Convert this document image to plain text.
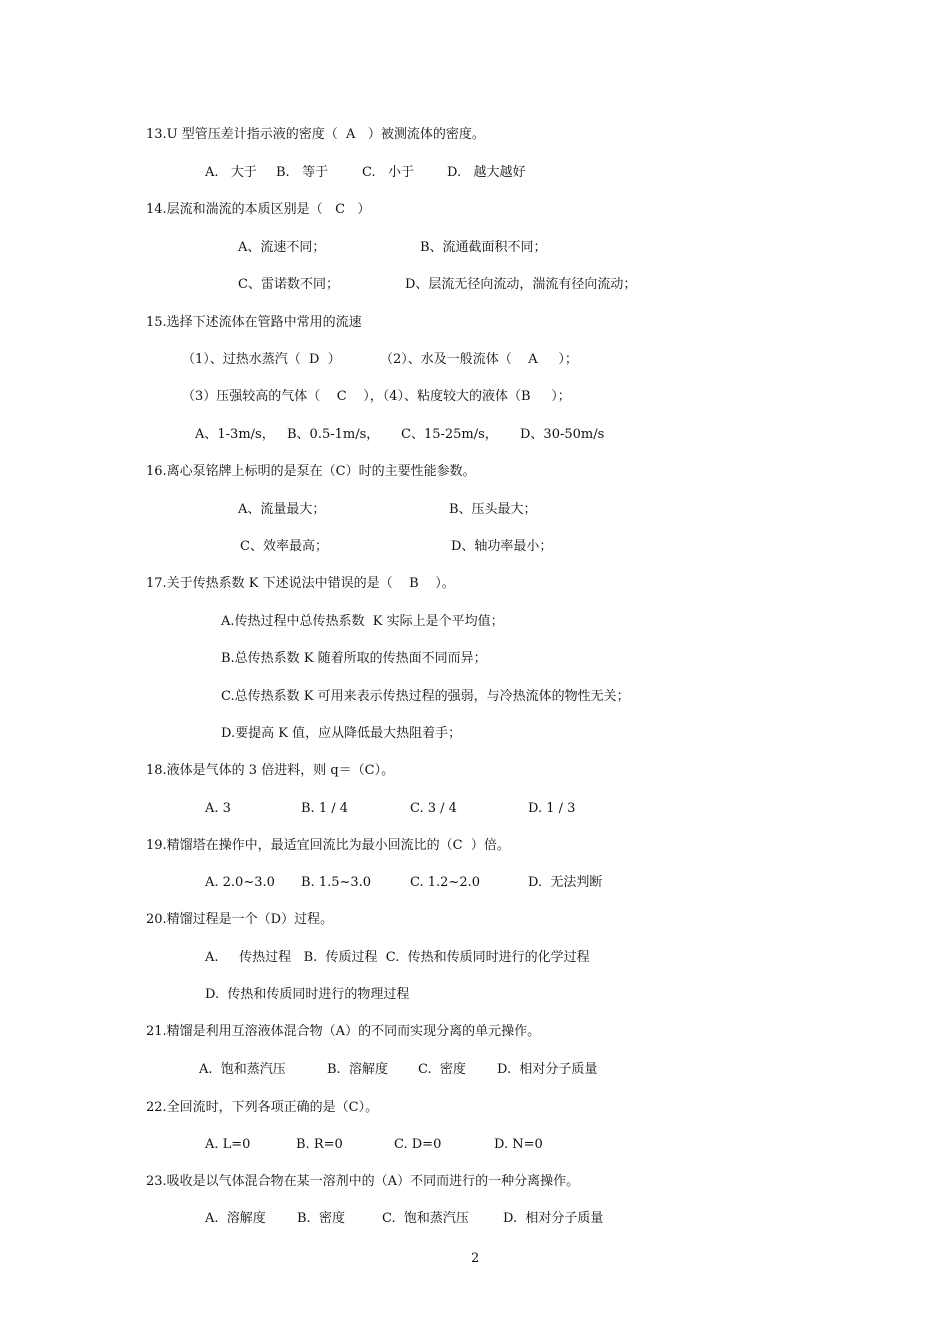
13.U 型管压差计指示液的密度（  A   ）被测流体的密度。
A.   大于 B.   等于	C.   小于	D.   越大越好
14.层流和湍流的本质区别是（   C   ）
A、流速不同；	B、流通截面积不同；
C、雷诺数不同；	D、层流无径向流动，湍流有径向流动；
15.选择下述流体在管路中常用的流速
（1）、过热水蒸汽（  D  ）	（2）、水及一般流体（    A     ）；
（3）压强较高的气体（    C    ），（4）、粘度较大的液体（B     ）；
A、1-3m/s， B、0.5-1m/s， C、15-25m/s， D、30-50m/s
16.离心泵铭牌上标明的是泵在（C）时的主要性能参数。
A、流量最大；	B、压头最大；
C、效率最高；	D、轴功率最小；
17.关于传热系数 K 下述说法中错误的是（    B    ）。
A.传热过程中总传热系数  K 实际上是个平均值；
B.总传热系数 K 随着所取的传热面不同而异；
C.总传热系数 K 可用来表示传热过程的强弱，与冷热流体的物性无关；
D.要提高 K 值，应从降低最大热阻着手；
18.液体是气体的 3 倍进料，则 q＝（C）。
A. 3	B. 1 / 4	C. 3 / 4	D. 1 / 3
19.精馏塔在操作中，最适宜回流比为最小回流比的（C  ）倍。
A. 2.0~3.0 B. 1.5~3.0	C. 1.2~2.0	D.  无法判断
20.精馏过程是一个（D）过程。
A.     传热过程   B.  传质过程  C.  传热和传质同时进行的化学过程
D.  传热和传质同时进行的物理过程
21.精馏是利用互溶液体混合物（A）的不同而实现分离的单元操作。
A.  饱和蒸汽压	B.  溶解度 C.  密度 D.  相对分子质量
22.全回流时，下列各项正确的是（C）。
A. L=0	B. R=0	C. D=0	D. N=0
23.吸收是以气体混合物在某一溶剂中的（A）不同而进行的一种分离操作。
A.  溶解度 B.  密度	C.  饱和蒸汽压	D.  相对分子质量
2
